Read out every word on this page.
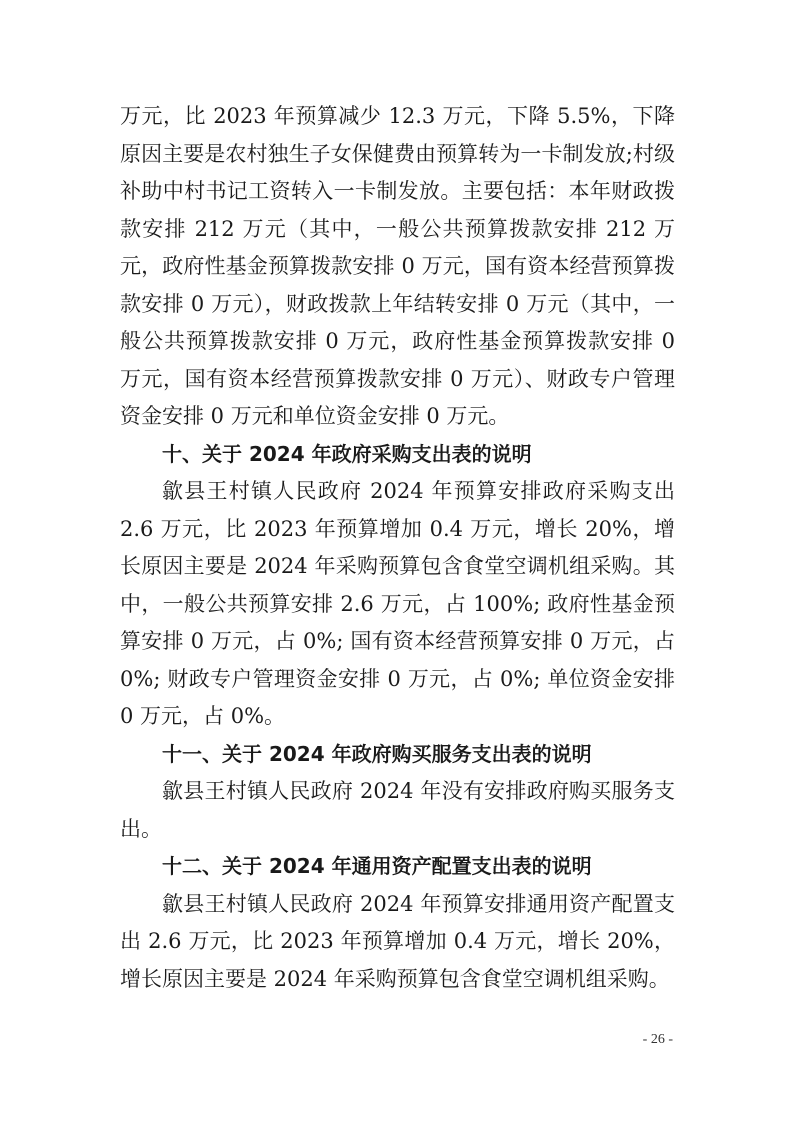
万元，比 2023 年预算减少 12.3 万元，下降 5.5%，下降原因主要是农村独生子女保健费由预算转为一卡制发放;村级补助中村书记工资转入一卡制发放。主要包括：本年财政拨款安排 212 万元（其中，一般公共预算拨款安排 212 万元，政府性基金预算拨款安排 0 万元，国有资本经营预算拨款安排 0 万元），财政拨款上年结转安排 0 万元（其中，一般公共预算拨款安排 0 万元，政府性基金预算拨款安排 0 万元，国有资本经营预算拨款安排 0 万元）、财政专户管理资金安排 0 万元和单位资金安排 0 万元。

十、关于 2024 年政府采购支出表的说明

歙县王村镇人民政府 2024 年预算安排政府采购支出 2.6 万元，比 2023 年预算增加 0.4 万元，增长 20%，增长原因主要是 2024 年采购预算包含食堂空调机组采购。其中，一般公共预算安排 2.6 万元，占 100%; 政府性基金预算安排 0 万元，占 0%; 国有资本经营预算安排 0 万元，占 0%; 财政专户管理资金安排 0 万元，占 0%; 单位资金安排 0 万元，占 0%。

十一、关于 2024 年政府购买服务支出表的说明

歙县王村镇人民政府 2024 年没有安排政府购买服务支出。

十二、关于 2024 年通用资产配置支出表的说明

歙县王村镇人民政府 2024 年预算安排通用资产配置支出 2.6 万元，比 2023 年预算增加 0.4 万元，增长 20%，增长原因主要是 2024 年采购预算包含食堂空调机组采购。

- 26 -
